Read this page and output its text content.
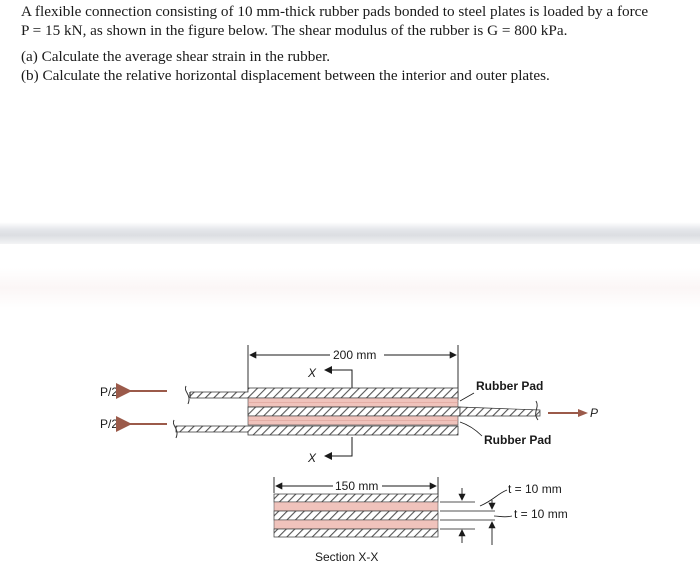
A flexible connection consisting of 10 mm-thick rubber pads bonded to steel plates is loaded by a force

P = 15 kN, as shown in the figure below. The shear modulus of the rubber is G = 800 kPa.

(a) Calculate the average shear strain in the rubber.

(b) Calculate the relative horizontal displacement between the interior and outer plates.

200 mm
X
P/2
P/2
P
Rubber Pad
Rubber Pad
X
150 mm
Section X-X
t = 10 mm
t = 10 mm
